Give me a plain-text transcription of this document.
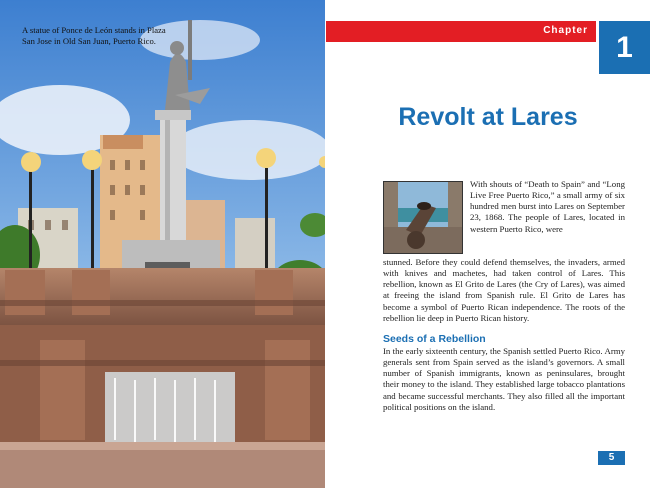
A statue of Ponce de León stands in Plaza San Jose in Old San Juan, Puerto Rico.
Chapter
1
Revolt at Lares
With shouts of “Death to Spain” and “Long Live Free Puerto Rico,” a small army of six hundred men burst into Lares on September 23, 1868. The people of Lares, located in western Puerto Rico, were
stunned. Before they could defend themselves, the invaders, armed with knives and machetes, had taken control of Lares. This rebellion, known as El Grito de Lares (the Cry of Lares), was aimed at freeing the island from Spanish rule. El Grito de Lares has become a symbol of Puerto Rican independence. The roots of the rebellion lie deep in Puerto Rican history.
Seeds of a Rebellion
In the early sixteenth century, the Spanish settled Puerto Rico. Army generals sent from Spain served as the island’s governors. A small number of Spanish immigrants, known as peninsulares, brought their money to the island. They established large tobacco plantations and became successful merchants. They also filled all the important political positions on the island.
5
